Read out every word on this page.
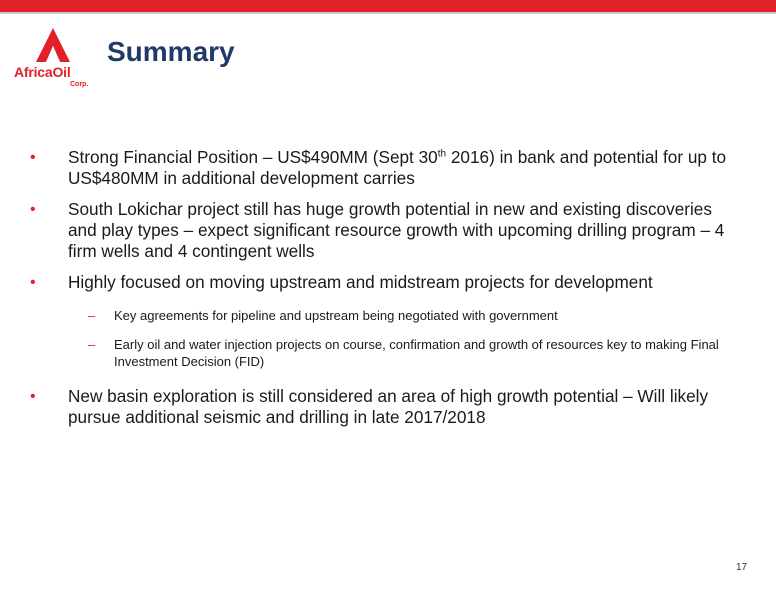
AfricaOil
Corp.
Summary
• Strong Financial Position – US$490MM (Sept 30th 2016) in bank and potential for up to US$480MM in additional development carries
• South Lokichar project still has huge growth potential in new and existing discoveries and play types – expect significant resource growth with upcoming drilling program – 4 firm wells and 4 contingent wells
• Highly focused on moving upstream and midstream projects for development
– Key agreements for pipeline and upstream being negotiated with government
– Early oil and water injection projects on course, confirmation and growth of resources key to making Final Investment Decision (FID)
• New basin exploration is still considered an area of high growth potential – Will likely pursue additional seismic and drilling in late 2017/2018
17
